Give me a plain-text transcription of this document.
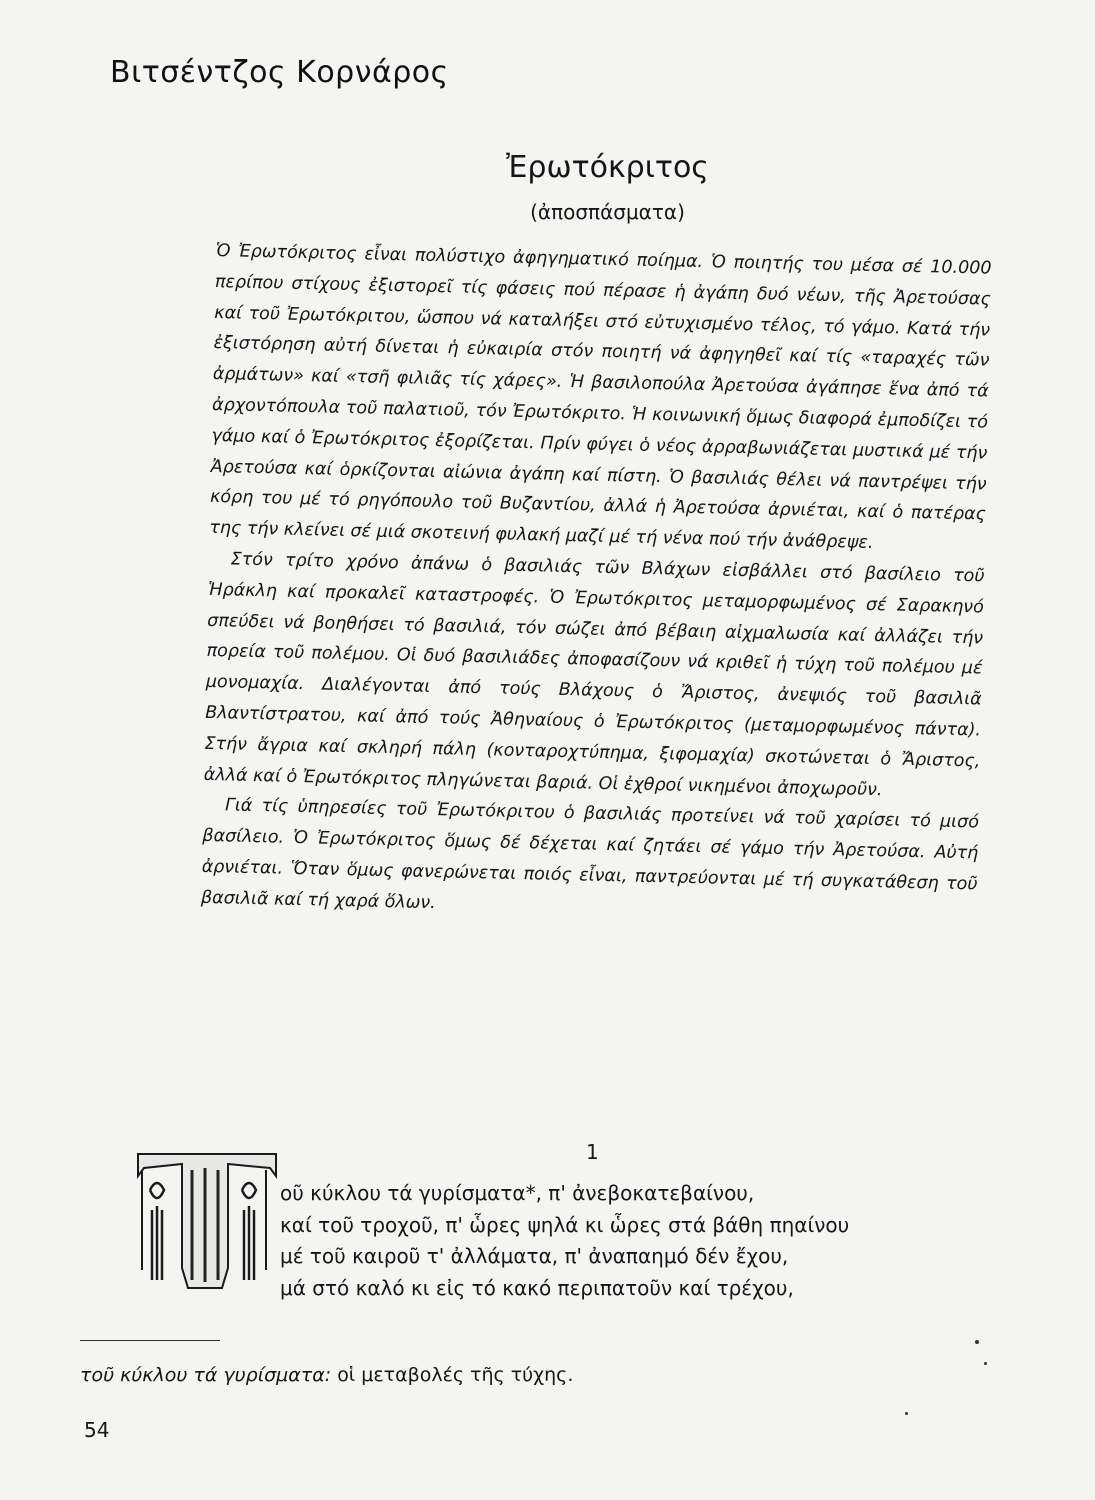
Βιτσέντζος Κορνάρος
Ἐρωτόκριτος
(ἀποσπάσματα)

Ὁ Ἐρωτόκριτος εἶναι πολύστιχο ἀφηγηματικό ποίημα. Ὁ ποιητής του μέσα σέ 10.000 περίπου στίχους ἐξιστορεῖ τίς φάσεις πού πέρασε ἡ ἀγάπη δυό νέων, τῆς Ἀρετούσας καί τοῦ Ἐρωτόκριτου, ὥσπου νά καταλήξει στό εὐτυχισμένο τέλος, τό γάμο. Κατά τήν ἐξιστόρηση αὐτή δίνεται ἡ εὐκαιρία στόν ποιητή νά ἀφηγηθεῖ καί τίς «ταραχές τῶν ἀρμάτων» καί «τσῆ φιλιᾶς τίς χάρες». Ἡ βασιλοπούλα Ἀρετούσα ἀγάπησε ἕνα ἀπό τά ἀρχοντόπουλα τοῦ παλατιοῦ, τόν Ἐρωτόκριτο. Ἡ κοινωνική ὅμως διαφορά ἐμποδίζει τό γάμο καί ὁ Ἐρωτόκριτος ἐξορίζεται. Πρίν φύγει ὁ νέος ἀρραβωνιάζεται μυστικά μέ τήν Ἀρετούσα καί ὁρκίζονται αἰώνια ἀγάπη καί πίστη. Ὁ βασιλιάς θέλει νά παντρέψει τήν κόρη του μέ τό ρηγόπουλο τοῦ Βυζαντίου, ἀλλά ἡ Ἀρετούσα ἀρνιέται, καί ὁ πατέρας της τήν κλείνει σέ μιά σκοτεινή φυλακή μαζί μέ τή νένα πού τήν ἀνάθρεψε.

Στόν τρίτο χρόνο ἀπάνω ὁ βασιλιάς τῶν Βλάχων εἰσβάλλει στό βασίλειο τοῦ Ἡράκλη καί προκαλεῖ καταστροφές. Ὁ Ἐρωτόκριτος μεταμορφωμένος σέ Σαρακηνό σπεύδει νά βοηθήσει τό βασιλιά, τόν σώζει ἀπό βέβαιη αἰχμαλωσία καί ἀλλάζει τήν πορεία τοῦ πολέμου. Οἱ δυό βασιλιάδες ἀποφασίζουν νά κριθεῖ ἡ τύχη τοῦ πολέμου μέ μονομαχία. Διαλέγονται ἀπό τούς Βλάχους ὁ Ἄριστος, ἀνεψιός τοῦ βασιλιᾶ Βλαντίστρατου, καί ἀπό τούς Ἀθηναίους ὁ Ἐρωτόκριτος (μεταμορφωμένος πάντα). Στήν ἄγρια καί σκληρή πάλη (κονταροχτύπημα, ξιφομαχία) σκοτώνεται ὁ Ἄριστος, ἀλλά καί ὁ Ἐρωτόκριτος πληγώνεται βαριά. Οἱ ἐχθροί νικημένοι ἀποχωροῦν.

Γιά τίς ὑπηρεσίες τοῦ Ἐρωτόκριτου ὁ βασιλιάς προτείνει νά τοῦ χαρίσει τό μισό βασίλειο. Ὁ Ἐρωτόκριτος ὅμως δέ δέχεται καί ζητάει σέ γάμο τήν Ἀρετούσα. Αὐτή ἀρνιέται. Ὅταν ὅμως φανερώνεται ποιός εἶναι, παντρεύονται μέ τή συγκατάθεση τοῦ βασιλιᾶ καί τή χαρά ὅλων.

1
οῦ κύκλου τά γυρίσματα*, π' ἀνεβοκατεβαίνου,
καί τοῦ τροχοῦ, π' ὧρες ψηλά κι ὧρες στά βάθη πηαίνου
μέ τοῦ καιροῦ τ' ἀλλάματα, π' ἀναπαημό δέν ἔχου,
μά στό καλό κι εἰς τό κακό περιπατοῦν καί τρέχου,
τοῦ κύκλου τά γυρίσματα: οἱ μεταβολές τῆς τύχης.
54
